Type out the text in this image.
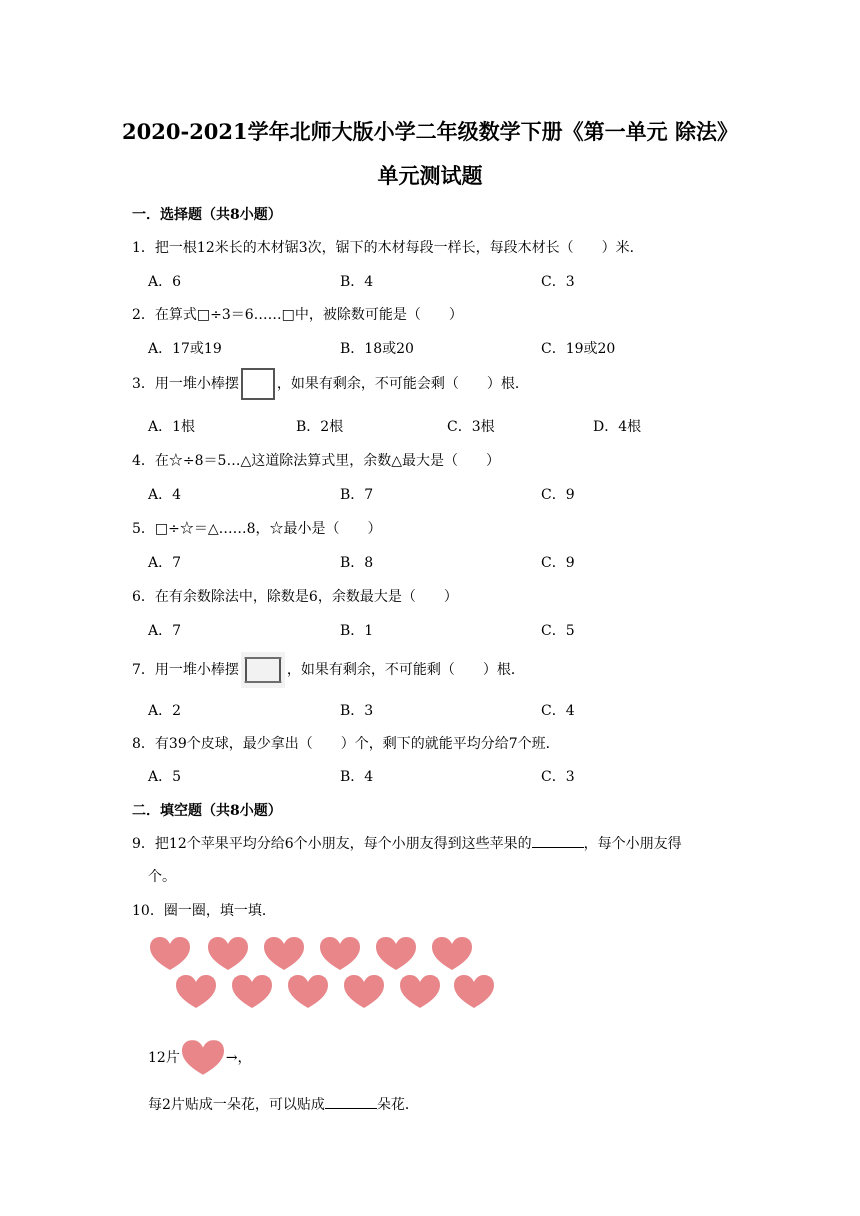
2020-2021学年北师大版小学二年级数学下册《第一单元 除法》
单元测试题
一．选择题（共8小题）
1．把一根12米长的木材锯3次，锯下的木材每段一样长，每段木材长（　　）米．
A．6	B．4	C．3
2．在算式□÷3＝6……□中，被除数可能是（　　）
A．17或19	B．18或20	C．19或20
3．用一堆小棒摆	，如果有剩余，不可能会剩（　　）根．
A．1根	B．2根	C．3根	D．4根
4．在☆÷8＝5…△这道除法算式里，余数△最大是（　　）
A．4	B．7	C．9
5．□÷☆＝△……8，☆最小是（　　）
A．7	B．8	C．9
6．在有余数除法中，除数是6，余数最大是（　　）
A．7	B．1	C．5
7．用一堆小棒摆	，如果有剩余，不可能剩（　　）根．
A．2	B．3	C．4
8．有39个皮球，最少拿出（　　）个，剩下的就能平均分给7个班．
A．5	B．4	C．3
二．填空题（共8小题）
9．把12个苹果平均分给6个小朋友，每个小朋友得到这些苹果的	，每个小朋友得
个。
10．圈一圈，填一填．
12片	→，
每2片贴成一朵花，可以贴成	朵花．
